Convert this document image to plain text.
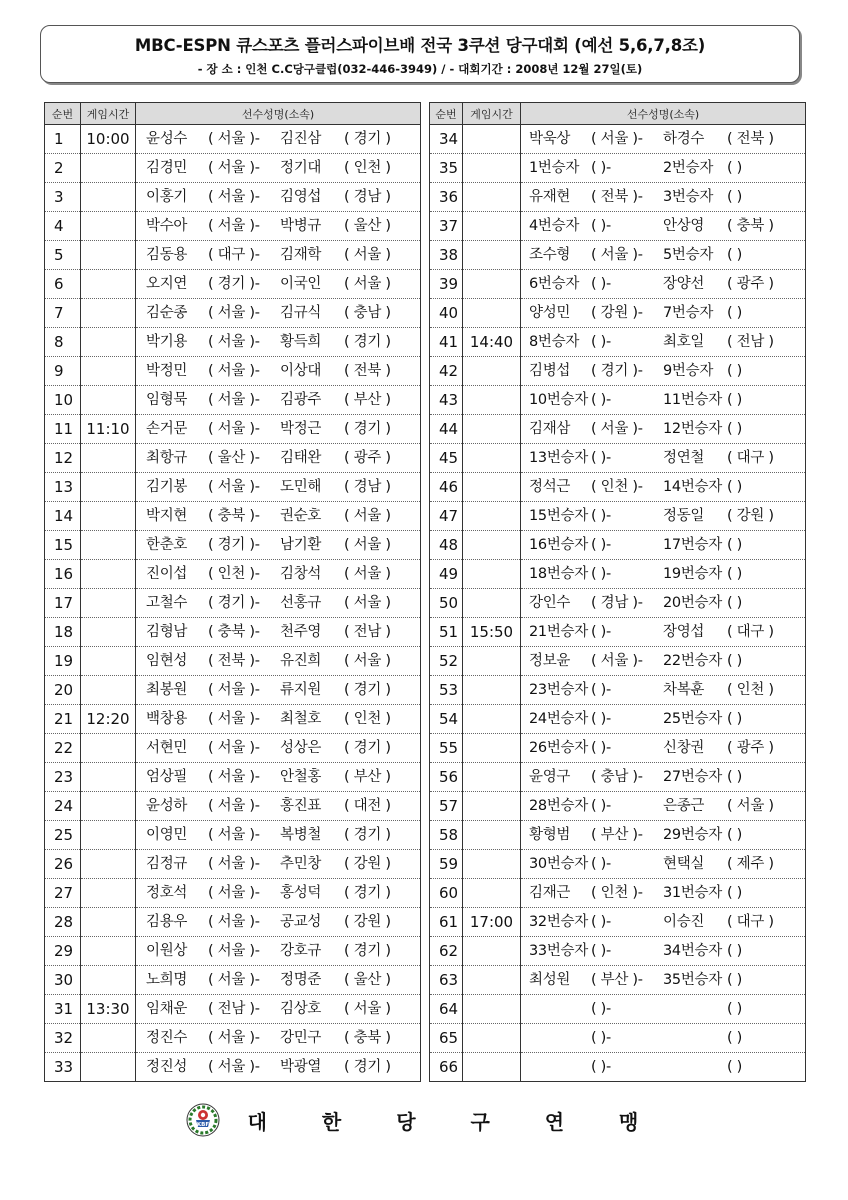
MBC-ESPN 큐스포츠 플러스파이브배 전국 3쿠션 당구대회 (예선 5,6,7,8조)
- 장 소 : 인천 C.C당구클럽(032-446-3949) / - 대회기간 : 2008년 12월 27일(토)
순번	게임시간	선수성명(소속)
1	10:00	윤성수 ( 서울 )- 김진삼 ( 경기 )

2		김경민 ( 서울 )- 정기대 ( 인천 )

3		이홍기 ( 서울 )- 김영섭 ( 경남 )

4		박수아 ( 서울 )- 박병규 ( 울산 )

5		김동용 ( 대구 )- 김재학 ( 서울 )

6		오지연 ( 경기 )- 이국인 ( 서울 )

7		김순종 ( 서울 )- 김규식 ( 충남 )

8		박기용 ( 서울 )- 황득희 ( 경기 )

9		박정민 ( 서울 )- 이상대 ( 전북 )

10		임형묵 ( 서울 )- 김광주 ( 부산 )

11	11:10	손거문 ( 서울 )- 박정근 ( 경기 )

12		최항규 ( 울산 )- 김태완 ( 광주 )

13		김기봉 ( 서울 )- 도민해 ( 경남 )

14		박지현 ( 충북 )- 권순호 ( 서울 )

15		한춘호 ( 경기 )- 남기환 ( 서울 )

16		진이섭 ( 인천 )- 김창석 ( 서울 )

17		고철수 ( 경기 )- 선홍규 ( 서울 )

18		김형남 ( 충북 )- 천주영 ( 전남 )

19		임현성 ( 전북 )- 유진희 ( 서울 )

20		최봉원 ( 서울 )- 류지원 ( 경기 )

21	12:20	백창용 ( 서울 )- 최철호 ( 인천 )

22		서현민 ( 서울 )- 성상은 ( 경기 )

23		엄상필 ( 서울 )- 안철홍 ( 부산 )

24		윤성하 ( 서울 )- 홍진표 ( 대전 )

25		이영민 ( 서울 )- 복병철 ( 경기 )

26		김정규 ( 서울 )- 추민창 ( 강원 )

27		정호석 ( 서울 )- 홍성덕 ( 경기 )

28		김용우 ( 서울 )- 공교성 ( 강원 )

29		이원상 ( 서울 )- 강호규 ( 경기 )

30		노희명 ( 서울 )- 정명준 ( 울산 )

31	13:30	임채운 ( 전남 )- 김상호 ( 서울 )

32		정진수 ( 서울 )- 강민구 ( 충북 )

33		정진성 ( 서울 )- 박광열 ( 경기 )
순번	게임시간	선수성명(소속)
34		박욱상 ( 서울 )- 하경수 ( 전북 )

35		1번승자 ( )- 2번승자 ( )

36		유재현 ( 전북 )- 3번승자 ( )

37		4번승자 ( )- 안상영 ( 충북 )

38		조수형 ( 서울 )- 5번승자 ( )

39		6번승자 ( )- 장양선 ( 광주 )

40		양성민 ( 강원 )- 7번승자 ( )

41	14:40	8번승자 ( )- 최호일 ( 전남 )

42		김병섭 ( 경기 )- 9번승자 ( )

43		10번승자 ( )- 11번승자 ( )

44		김재삼 ( 서울 )- 12번승자 ( )

45		13번승자 ( )- 정연철 ( 대구 )

46		정석근 ( 인천 )- 14번승자 ( )

47		15번승자 ( )- 정동일 ( 강원 )

48		16번승자 ( )- 17번승자 ( )

49		18번승자 ( )- 19번승자 ( )

50		강인수 ( 경남 )- 20번승자 ( )

51	15:50	21번승자 ( )- 장영섭 ( 대구 )

52		정보윤 ( 서울 )- 22번승자 ( )

53		23번승자 ( )- 차복훈 ( 인천 )

54		24번승자 ( )- 25번승자 ( )

55		26번승자 ( )- 신창권 ( 광주 )

56		윤영구 ( 충남 )- 27번승자 ( )

57		28번승자 ( )- 은종근 ( 서울 )

58		황형범 ( 부산 )- 29번승자 ( )

59		30번승자 ( )- 현택실 ( 제주 )

60		김재근 ( 인천 )- 31번승자 ( )

61	17:00	32번승자 ( )- 이승진 ( 대구 )

62		33번승자 ( )- 34번승자 ( )

63		최성원 ( 부산 )- 35번승자 ( )

64		( )- ( )

65		( )- ( )

66		( )- ( )
KBF 대 한 당 구 연 맹
